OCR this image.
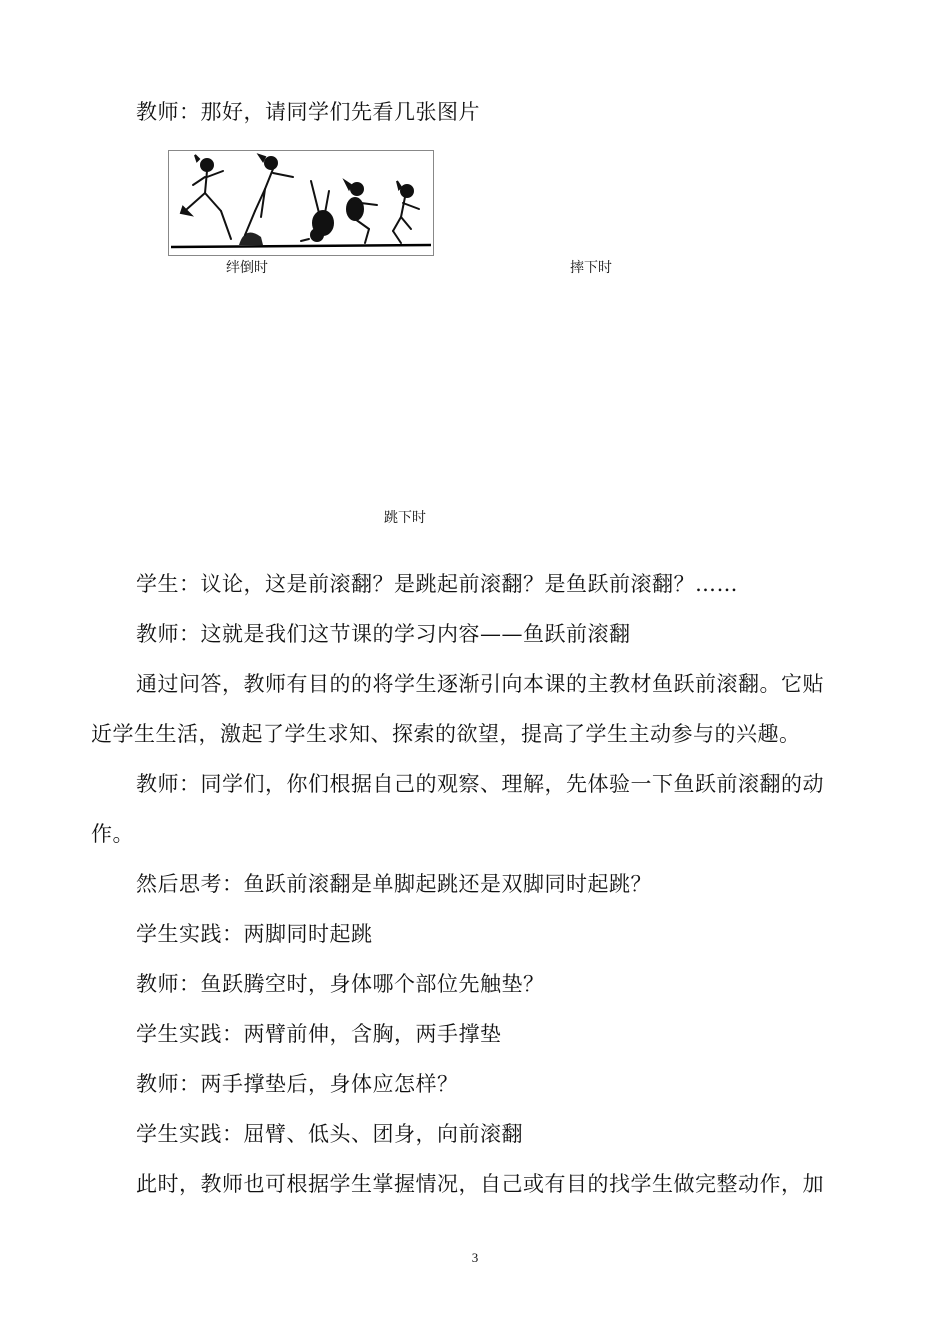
教师：那好，请同学们先看几张图片
绊倒时	摔下时
跳下时
学生：议论，这是前滚翻？是跳起前滚翻？是鱼跃前滚翻？……
教师：这就是我们这节课的学习内容——鱼跃前滚翻
通过问答，教师有目的的将学生逐渐引向本课的主教材鱼跃前滚翻。它贴
近学生生活，激起了学生求知、探索的欲望，提高了学生主动参与的兴趣。
教师：同学们，你们根据自己的观察、理解，先体验一下鱼跃前滚翻的动
作。
然后思考：鱼跃前滚翻是单脚起跳还是双脚同时起跳？
学生实践：两脚同时起跳
教师：鱼跃腾空时，身体哪个部位先触垫？
学生实践：两臂前伸，含胸，两手撑垫
教师：两手撑垫后，身体应怎样？
学生实践：屈臂、低头、团身，向前滚翻
此时，教师也可根据学生掌握情况，自己或有目的找学生做完整动作，加
3
